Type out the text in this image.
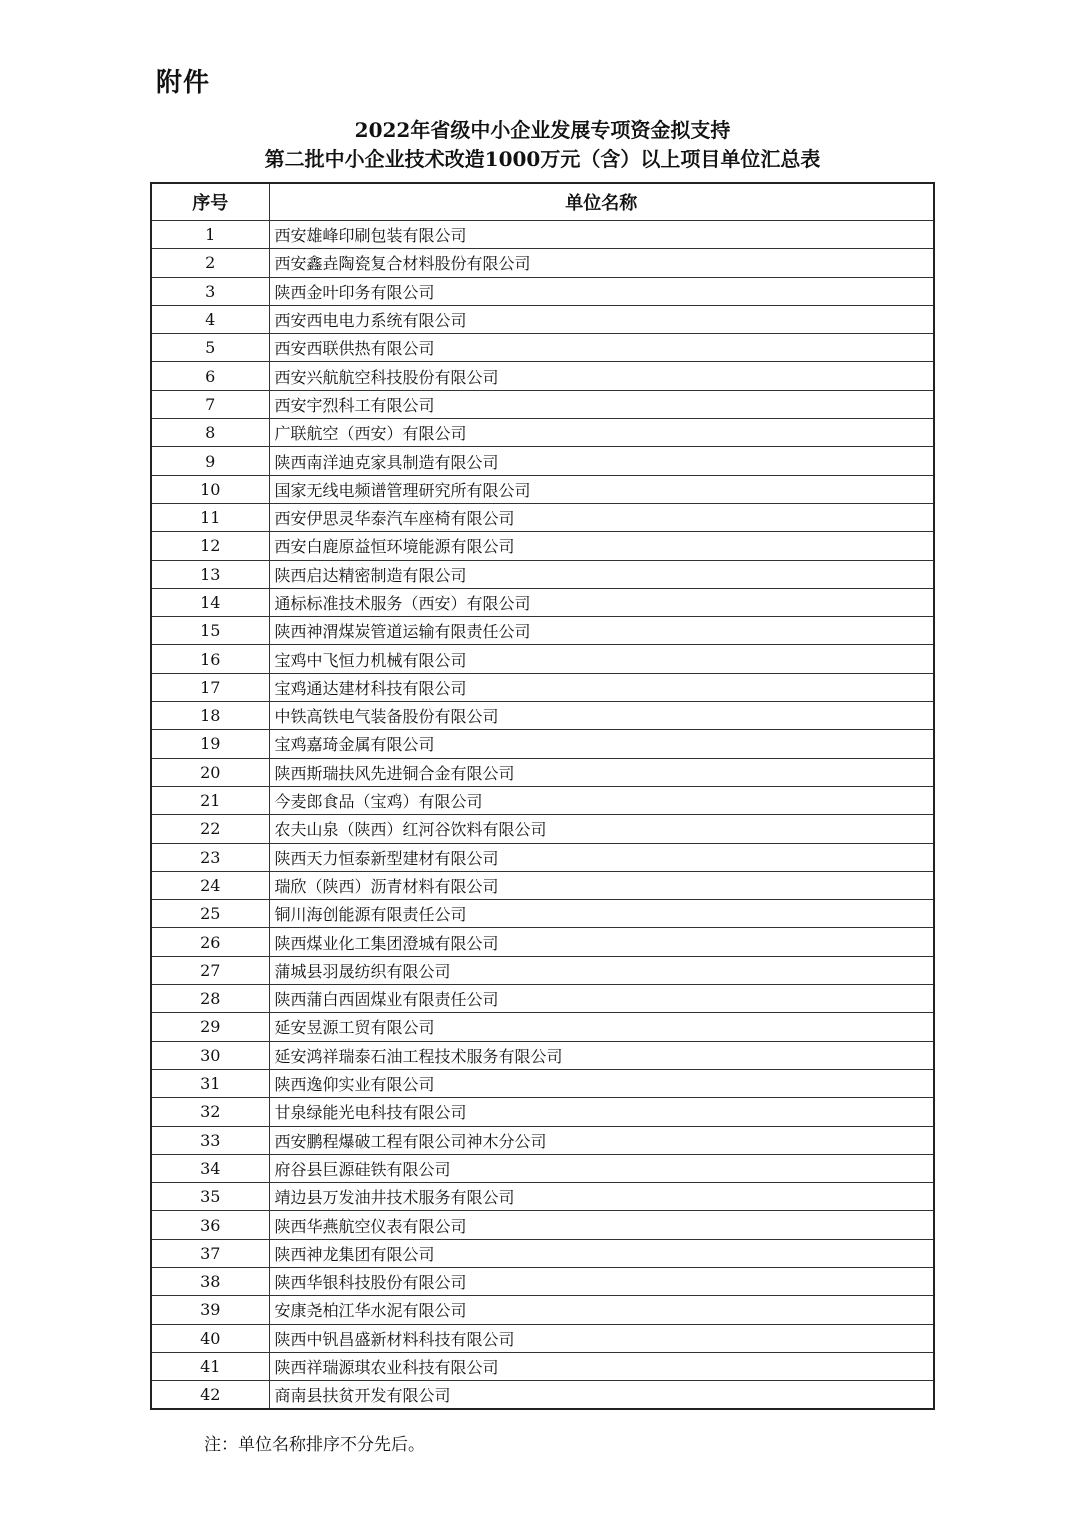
附件
2022年省级中小企业发展专项资金拟支持
第二批中小企业技术改造1000万元（含）以上项目单位汇总表
序号	单位名称
1	西安雄峰印刷包装有限公司
2	西安鑫垚陶瓷复合材料股份有限公司
3	陕西金叶印务有限公司
4	西安西电电力系统有限公司
5	西安西联供热有限公司
6	西安兴航航空科技股份有限公司
7	西安宇烈科工有限公司
8	广联航空（西安）有限公司
9	陕西南洋迪克家具制造有限公司
10	国家无线电频谱管理研究所有限公司
11	西安伊思灵华泰汽车座椅有限公司
12	西安白鹿原益恒环境能源有限公司
13	陕西启达精密制造有限公司
14	通标标准技术服务（西安）有限公司
15	陕西神渭煤炭管道运输有限责任公司
16	宝鸡中飞恒力机械有限公司
17	宝鸡通达建材科技有限公司
18	中铁高铁电气装备股份有限公司
19	宝鸡嘉琦金属有限公司
20	陕西斯瑞扶风先进铜合金有限公司
21	今麦郎食品（宝鸡）有限公司
22	农夫山泉（陕西）红河谷饮料有限公司
23	陕西天力恒泰新型建材有限公司
24	瑞欣（陕西）沥青材料有限公司
25	铜川海创能源有限责任公司
26	陕西煤业化工集团澄城有限公司
27	蒲城县羽晟纺织有限公司
28	陕西蒲白西固煤业有限责任公司
29	延安昱源工贸有限公司
30	延安鸿祥瑞泰石油工程技术服务有限公司
31	陕西逸仰实业有限公司
32	甘泉绿能光电科技有限公司
33	西安鹏程爆破工程有限公司神木分公司
34	府谷县巨源硅铁有限公司
35	靖边县万发油井技术服务有限公司
36	陕西华燕航空仪表有限公司
37	陕西神龙集团有限公司
38	陕西华银科技股份有限公司
39	安康尧柏江华水泥有限公司
40	陕西中钒昌盛新材料科技有限公司
41	陕西祥瑞源琪农业科技有限公司
42	商南县扶贫开发有限公司
注：单位名称排序不分先后。
